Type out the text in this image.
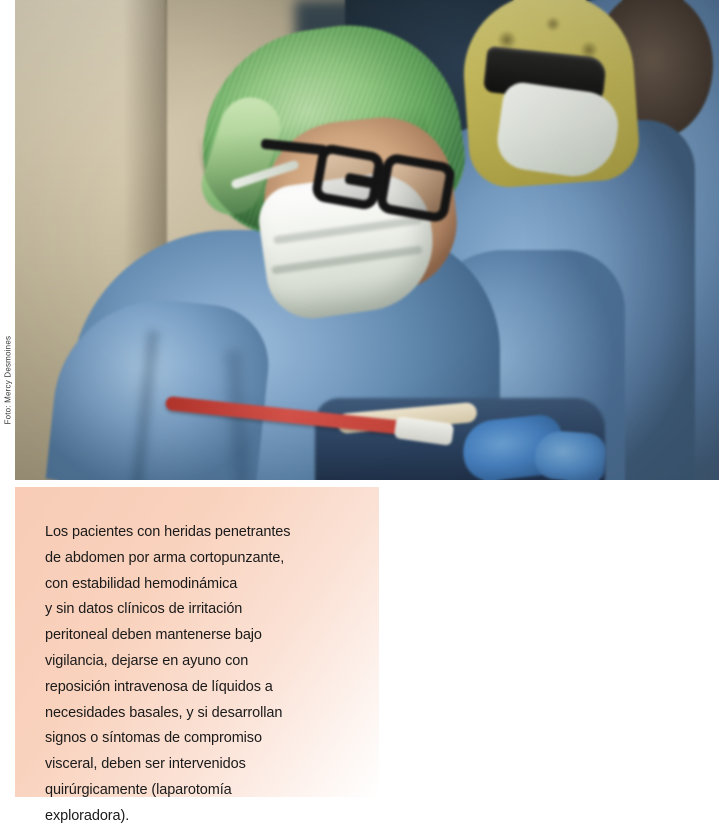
Foto: Mercy Desmoines

Los pacientes con heridas penetrantes

de abdomen por arma cortopunzante,

con estabilidad hemodinámica

y sin datos clínicos de irritación

peritoneal deben mantenerse bajo

vigilancia, dejarse en ayuno con

reposición intravenosa de líquidos a

necesidades basales, y si desarrollan

signos o síntomas de compromiso

visceral, deben ser intervenidos

quirúrgicamente (laparotomía

exploradora).
